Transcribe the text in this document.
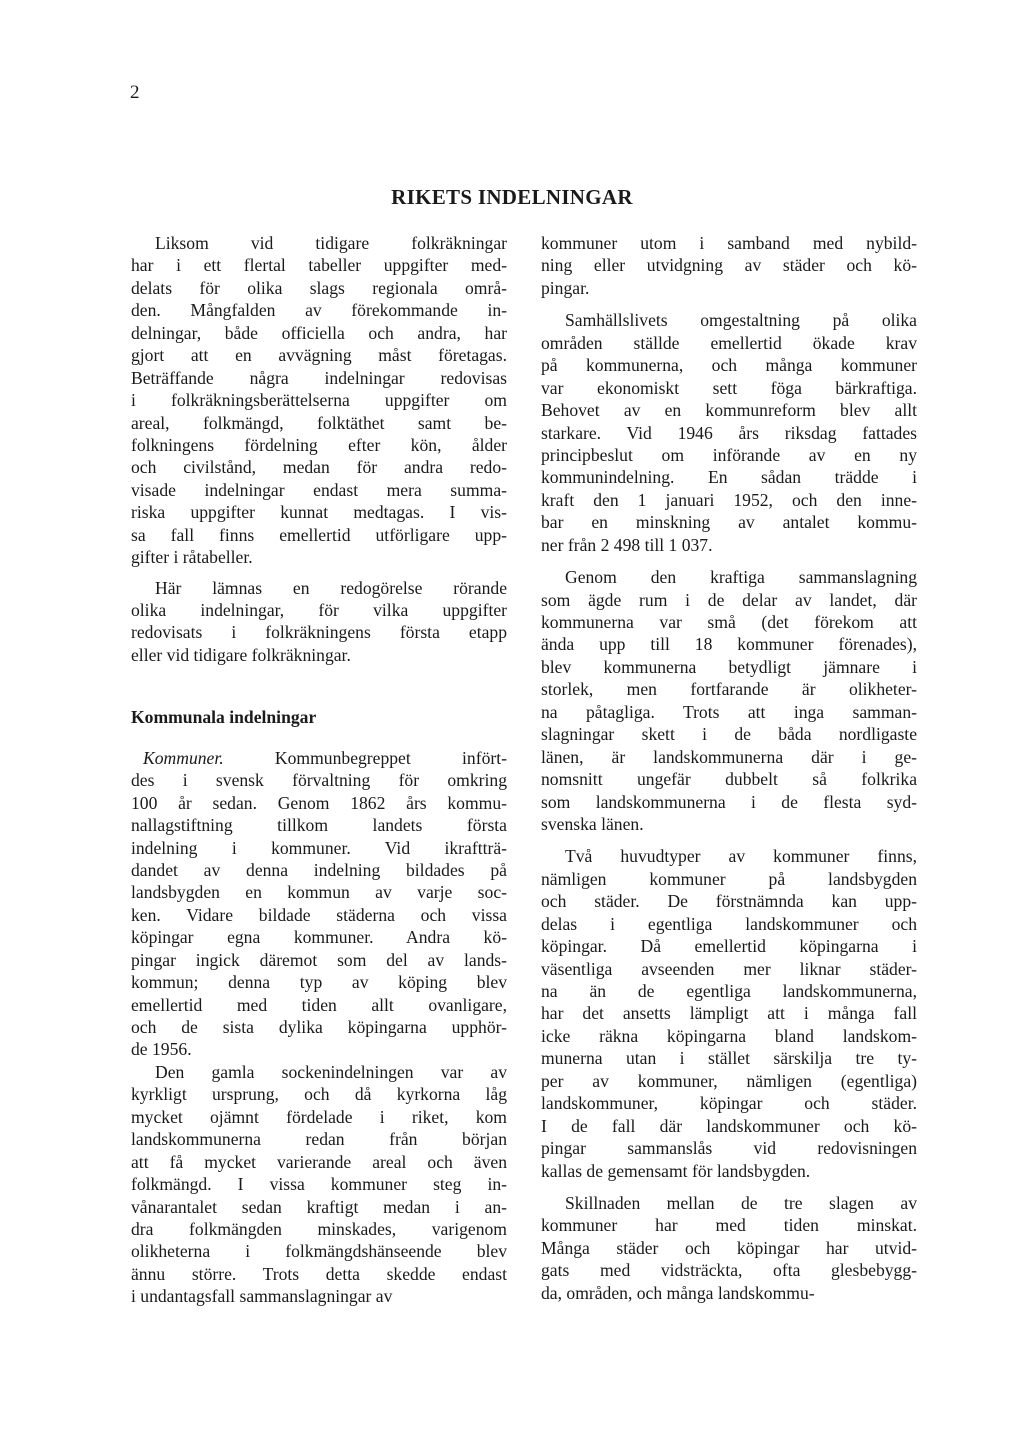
2
RIKETS INDELNINGAR
Liksom vid tidigare folkräkningar
har i ett flertal tabeller uppgifter med-
delats för olika slags regionala områ-
den. Mångfalden av förekommande in-
delningar, både officiella och andra, har
gjort att en avvägning måst företagas.
Beträffande några indelningar redovisas
i folkräkningsberättelserna uppgifter om
areal, folkmängd, folktäthet samt be-
folkningens fördelning efter kön, ålder
och civilstånd, medan för andra redo-
visade indelningar endast mera summa-
riska uppgifter kunnat medtagas. I vis-
sa fall finns emellertid utförligare upp-
gifter i råtabeller.
Här lämnas en redogörelse rörande
olika indelningar, för vilka uppgifter
redovisats i folkräkningens första etapp
eller vid tidigare folkräkningar.
Kommunala indelningar
Kommuner. Kommunbegreppet infört-
des i svensk förvaltning för omkring
100 år sedan. Genom 1862 års kommu-
nallagstiftning tillkom landets första
indelning i kommuner. Vid ikraftträ-
dandet av denna indelning bildades på
landsbygden en kommun av varje soc-
ken. Vidare bildade städerna och vissa
köpingar egna kommuner. Andra kö-
pingar ingick däremot som del av lands-
kommun; denna typ av köping blev
emellertid med tiden allt ovanligare,
och de sista dylika köpingarna upphör-
de 1956.
Den gamla sockenindelningen var av
kyrkligt ursprung, och då kyrkorna låg
mycket ojämnt fördelade i riket, kom
landskommunerna redan från början
att få mycket varierande areal och även
folkmängd. I vissa kommuner steg in-
vånarantalet sedan kraftigt medan i an-
dra folkmängden minskades, varigenom
olikheterna i folkmängdshänseende blev
ännu större. Trots detta skedde endast
i undantagsfall sammanslagningar av
kommuner utom i samband med nybild-
ning eller utvidgning av städer och kö-
pingar.
Samhällslivets omgestaltning på olika
områden ställde emellertid ökade krav
på kommunerna, och många kommuner
var ekonomiskt sett föga bärkraftiga.
Behovet av en kommunreform blev allt
starkare. Vid 1946 års riksdag fattades
principbeslut om införande av en ny
kommunindelning. En sådan trädde i
kraft den 1 januari 1952, och den inne-
bar en minskning av antalet kommu-
ner från 2 498 till 1 037.
Genom den kraftiga sammanslagning
som ägde rum i de delar av landet, där
kommunerna var små (det förekom att
ända upp till 18 kommuner förenades),
blev kommunerna betydligt jämnare i
storlek, men fortfarande är olikheter-
na påtagliga. Trots att inga samman-
slagningar skett i de båda nordligaste
länen, är landskommunerna där i ge-
nomsnitt ungefär dubbelt så folkrika
som landskommunerna i de flesta syd-
svenska länen.
Två huvudtyper av kommuner finns,
nämligen kommuner på landsbygden
och städer. De förstnämnda kan upp-
delas i egentliga landskommuner och
köpingar. Då emellertid köpingarna i
väsentliga avseenden mer liknar städer-
na än de egentliga landskommunerna,
har det ansetts lämpligt att i många fall
icke räkna köpingarna bland landskom-
munerna utan i stället särskilja tre ty-
per av kommuner, nämligen (egentliga)
landskommuner, köpingar och städer.
I de fall där landskommuner och kö-
pingar sammanslås vid redovisningen
kallas de gemensamt för landsbygden.
Skillnaden mellan de tre slagen av
kommuner har med tiden minskat.
Många städer och köpingar har utvid-
gats med vidsträckta, ofta glesbebygg-
da, områden, och många landskommu-
